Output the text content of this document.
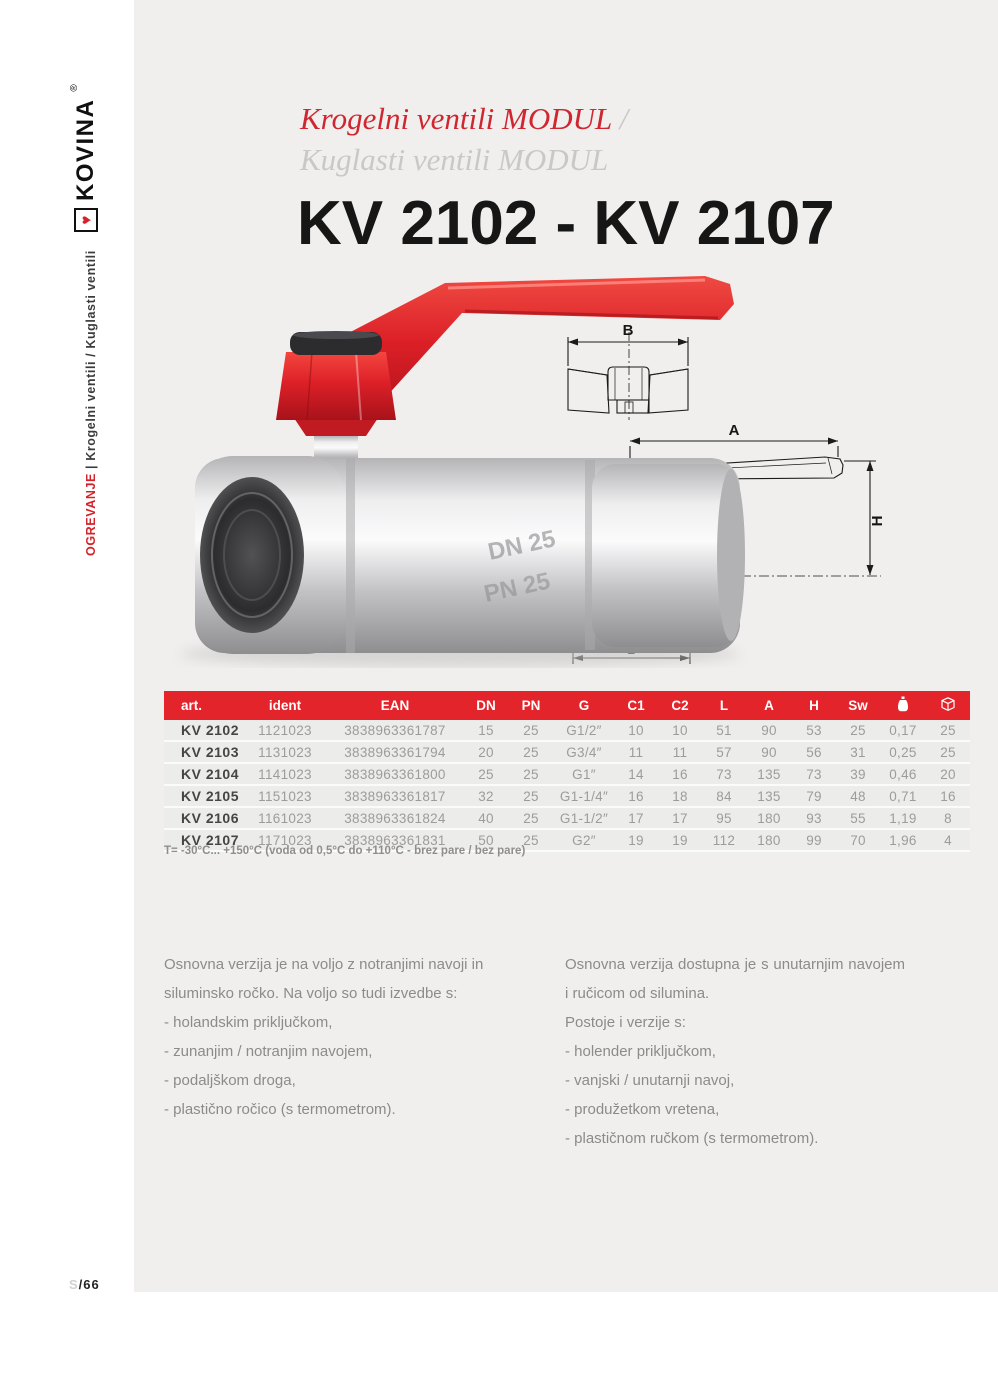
♥
KOVINA
®
OGREVANJE | Krogelni ventili / Kuglasti ventili
Krogelni ventili MODUL /
Kuglasti ventili MODUL
KV 2102 - KV 2107
B
A
H
DN 25
PN 25
art.	ident	EAN	DN	PN	G	C1	C2	L	A	H	Sw		
KV 2102	1121023	3838963361787	15	25	G1/2″	10	10	51	90	53	25	0,17	25
KV 2103	1131023	3838963361794	20	25	G3/4″	11	11	57	90	56	31	0,25	25
KV 2104	1141023	3838963361800	25	25	G1″	14	16	73	135	73	39	0,46	20
KV 2105	1151023	3838963361817	32	25	G1-1/4″	16	18	84	135	79	48	0,71	16
KV 2106	1161023	3838963361824	40	25	G1-1/2″	17	17	95	180	93	55	1,19	8
KV 2107	1171023	3838963361831	50	25	G2″	19	19	112	180	99	70	1,96	4
T= -30°C... +150°C (voda od 0,5°C do +110°C - brez pare / bez pare)
Osnovna verzija je na voljo z notranjimi navoji in siluminsko ročko. Na voljo so tudi izvedbe s:
- holandskim priključkom,
- zunanjim / notranjim navojem,
- podaljškom droga,
- plastično ročico (s termometrom).
Osnovna verzija dostupna je s unutarnjim navojem i ručicom od silumina.
Postoje i verzije s:
- holender priključkom,
- vanjski / unutarnji navoj,
- produžetkom vretena,
- plastičnom ručkom (s termometrom).
S/66
